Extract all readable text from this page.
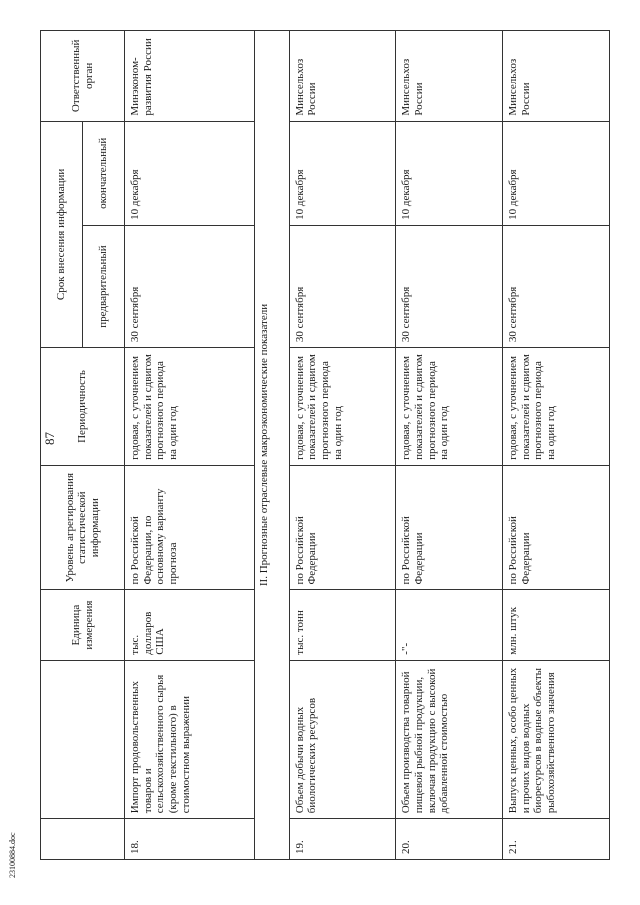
87
		Единица измерения	Уровень агрегирования статистической информации	Периодичность	Срок внесения информации		Ответственный орган
					предварительный	окончательный	
18.	Импорт продовольственных товаров и сельскохозяйственного сырья (кроме текстильного) в стоимостном выражении	тыс. долларов США	по Российской Федерации, по основному варианту прогноза	годовая, с уточнением показателей и сдвигом прогнозного периода на один год	30 сентября	10 декабря	Минэконом-развития России
II. Прогнозные отраслевые макроэкономические показатели							
19.	Объем добычи водных биологических ресурсов	тыс. тонн	по Российской Федерации	годовая, с уточнением показателей и сдвигом прогнозного периода на один год	30 сентября	10 декабря	Минсельхоз России
20.	Объем производства товарной пищевой рыбной продукции, включая продукцию с высокой добавленной стоимостью	-"-	по Российской Федерации	годовая, с уточнением показателей и сдвигом прогнозного периода на один год	30 сентября	10 декабря	Минсельхоз России
21.	Выпуск ценных, особо ценных и прочих видов водных биоресурсов в водные объекты рыбохозяйственного значения	млн. штук	по Российской Федерации	годовая, с уточнением показателей и сдвигом прогнозного периода на один год	30 сентября	10 декабря	Минсельхоз России
23100884.doc
